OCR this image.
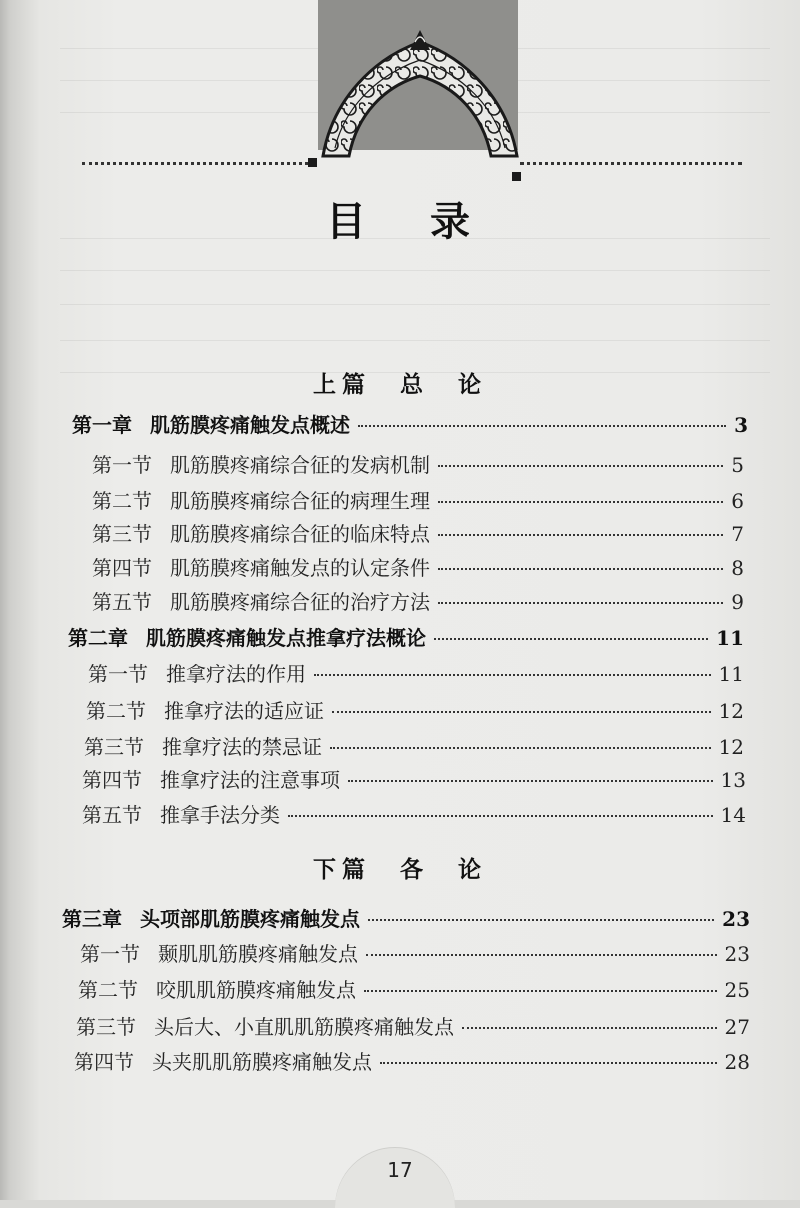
目录
上篇　总　论
下篇　各　论
第一章 肌筋膜疼痛触发点概述	3
第一节 肌筋膜疼痛综合征的发病机制	5
第二节 肌筋膜疼痛综合征的病理生理	6
第三节 肌筋膜疼痛综合征的临床特点	7
第四节 肌筋膜疼痛触发点的认定条件	8
第五节 肌筋膜疼痛综合征的治疗方法	9
第二章 肌筋膜疼痛触发点推拿疗法概论	11
第一节 推拿疗法的作用	11
第二节 推拿疗法的适应证	12
第三节 推拿疗法的禁忌证	12
第四节 推拿疗法的注意事项	13
第五节 推拿手法分类	14
第三章 头项部肌筋膜疼痛触发点	23
第一节 颞肌肌筋膜疼痛触发点	23
第二节 咬肌肌筋膜疼痛触发点	25
第三节 头后大、小直肌肌筋膜疼痛触发点	27
第四节 头夹肌肌筋膜疼痛触发点	28
17
